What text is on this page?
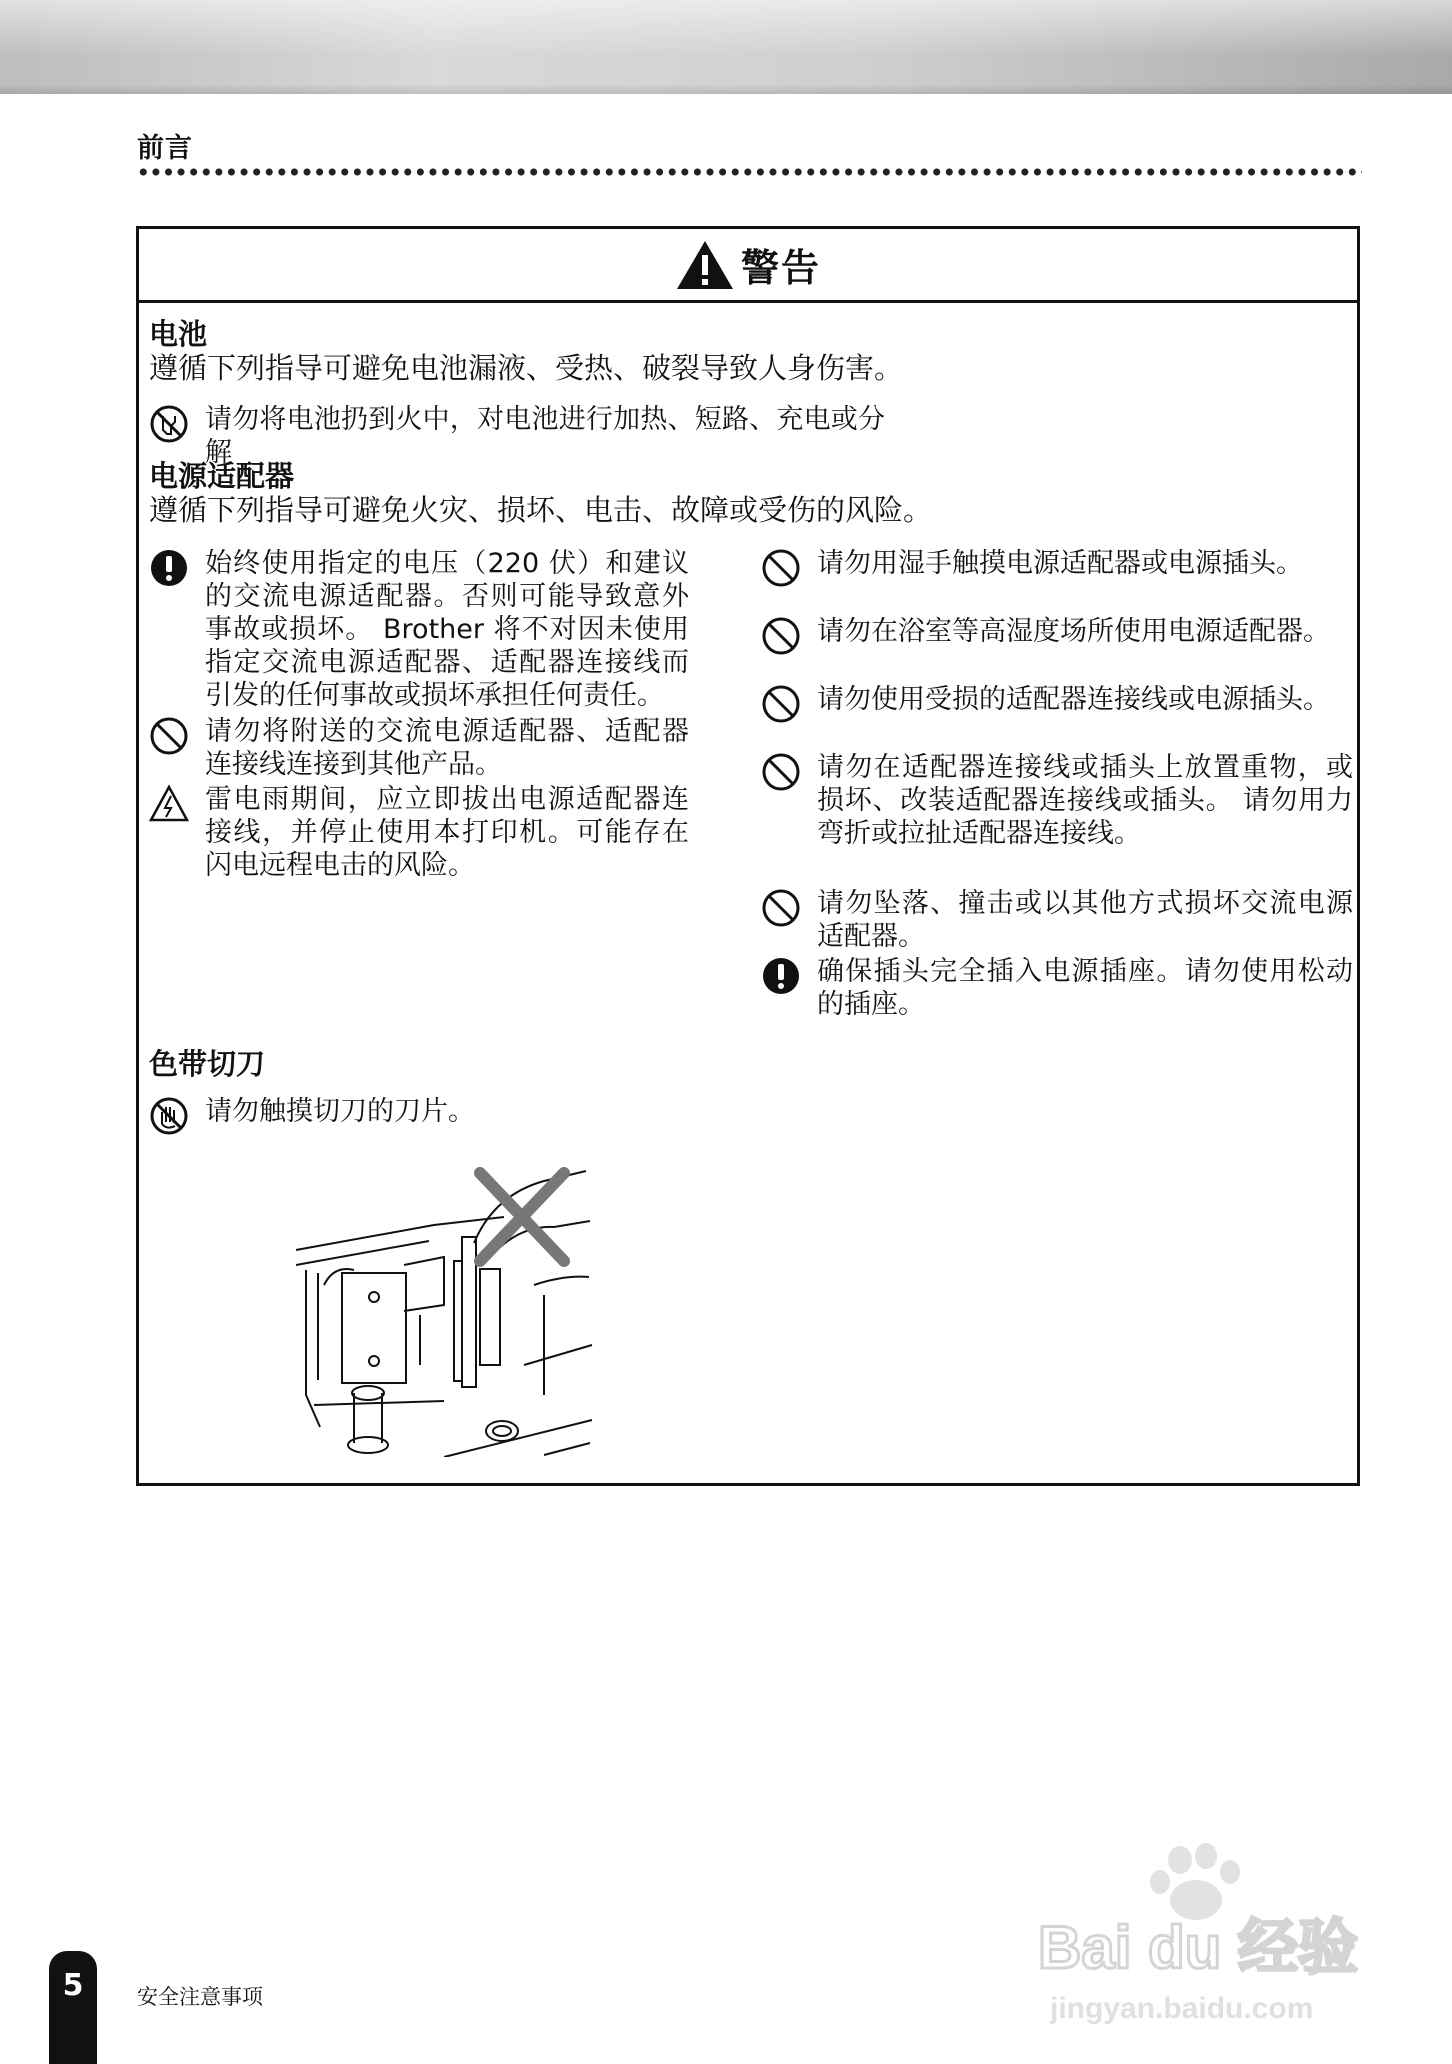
前言
警告
电池
遵循下列指导可避免电池漏液、受热、破裂导致人身伤害。
请勿将电池扔到火中，对电池进行加热、短路、充电或分解
电源适配器
遵循下列指导可避免火灾、损坏、电击、故障或受伤的风险。
始终使用指定的电压（220 伏）和建议的交流电源适配器。否则可能导致意外事故或损坏。 Brother 将不对因未使用指定交流电源适配器、适配器连接线而引发的任何事故或损坏承担任何责任。
请勿将附送的交流电源适配器、适配器连接线连接到其他产品。
雷电雨期间，应立即拔出电源适配器连接线，并停止使用本打印机。可能存在闪电远程电击的风险。
请勿用湿手触摸电源适配器或电源插头。
请勿在浴室等高湿度场所使用电源适配器。
请勿使用受损的适配器连接线或电源插头。
请勿在适配器连接线或插头上放置重物，或损坏、改装适配器连接线或插头。 请勿用力弯折或拉扯适配器连接线。
请勿坠落、撞击或以其他方式损坏交流电源适配器。
确保插头完全插入电源插座。请勿使用松动的插座。
色带切刀
请勿触摸切刀的刀片。
5	安全注意事项
Bai du 经验
jingyan.baidu.com
